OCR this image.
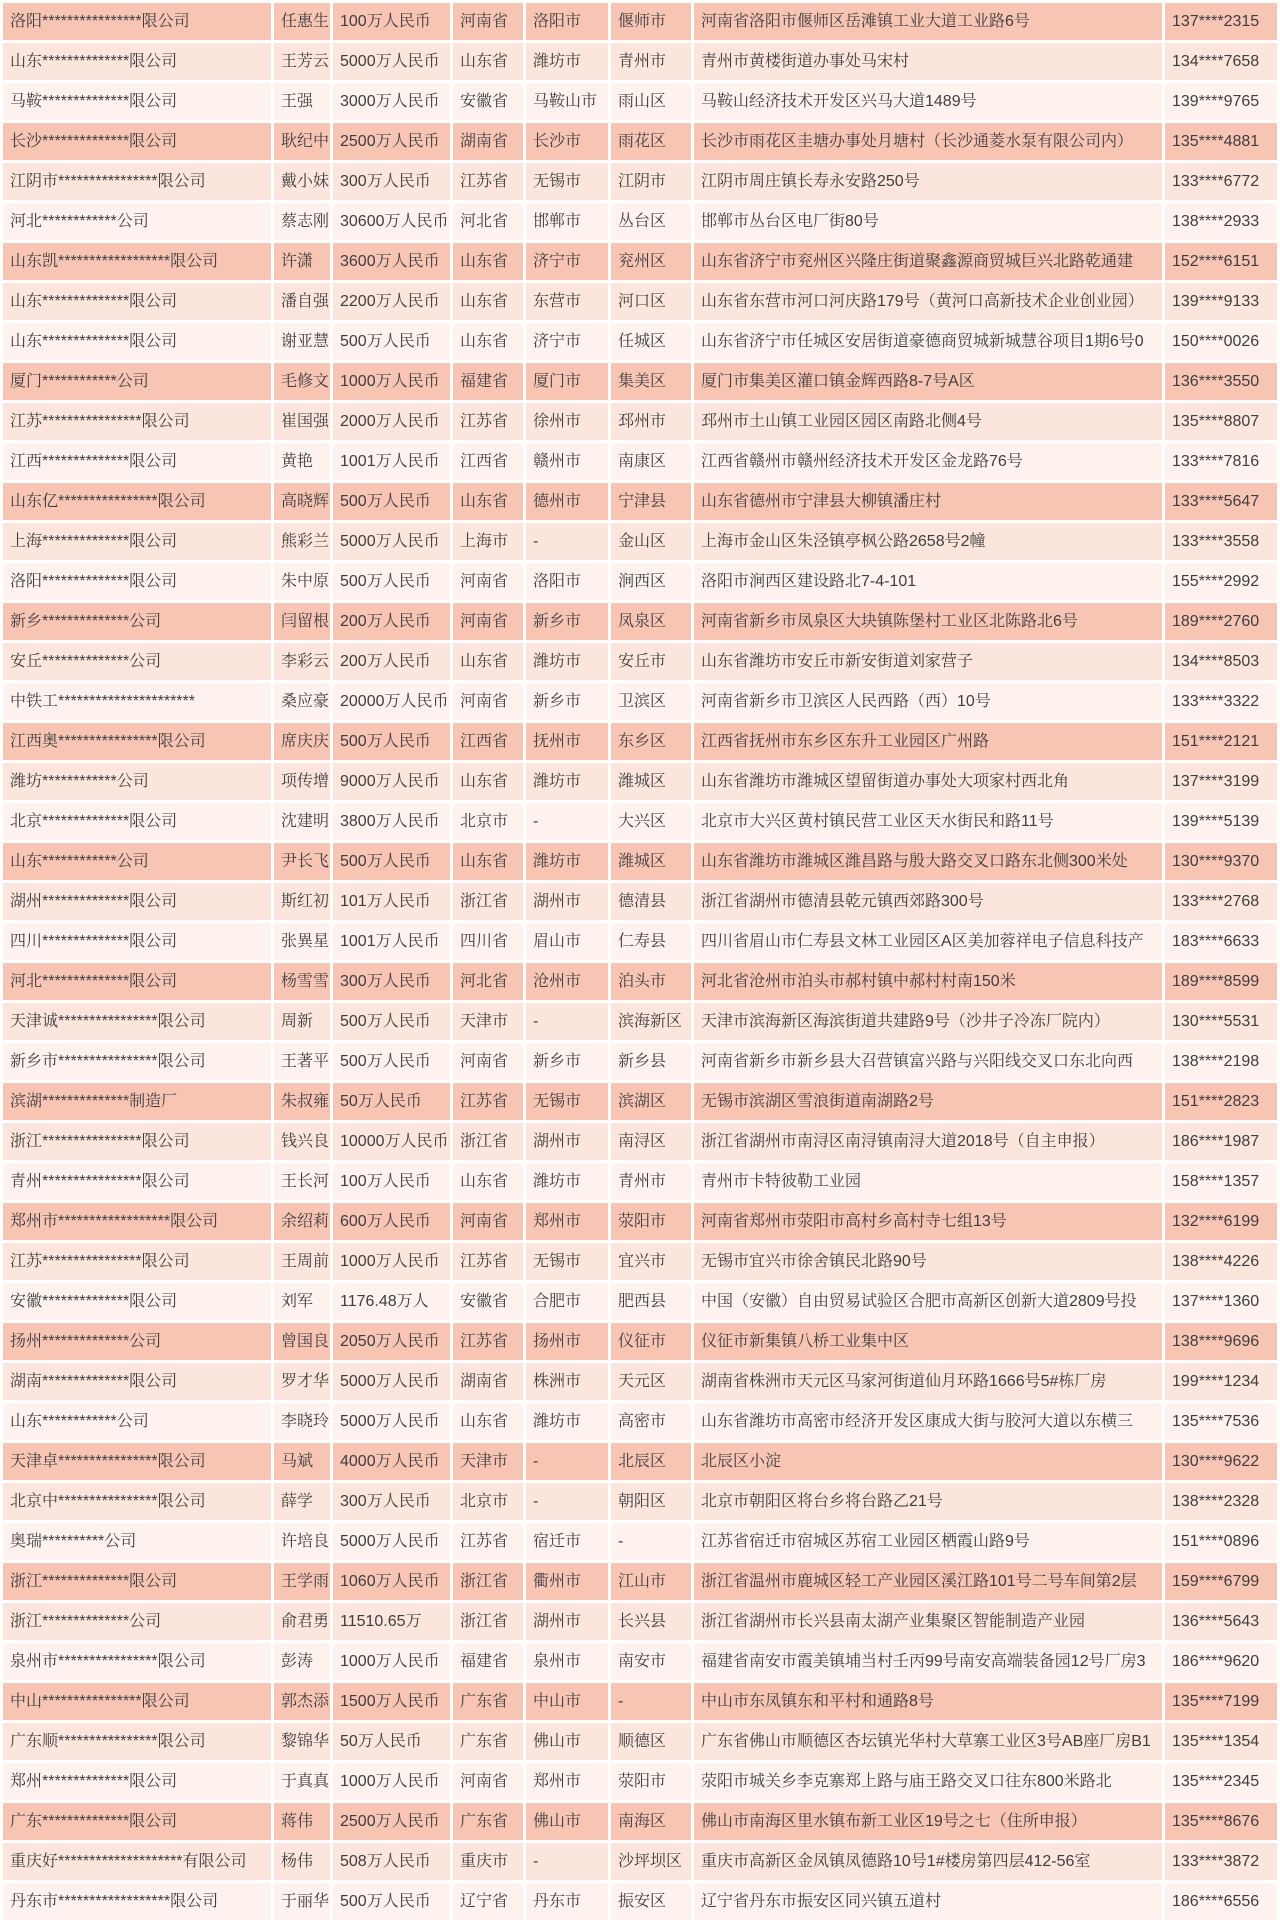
洛阳****************限公司	任惠生	100万人民币	河南省	洛阳市	偃师市	河南省洛阳市偃师区岳滩镇工业大道工业路6号	137****2315
山东**************限公司	王芳云	5000万人民币	山东省	潍坊市	青州市	青州市黄楼街道办事处马宋村	134****7658
马鞍**************限公司	王强	3000万人民币	安徽省	马鞍山市	雨山区	马鞍山经济技术开发区兴马大道1489号	139****9765
长沙**************限公司	耿纪中	2500万人民币	湖南省	长沙市	雨花区	长沙市雨花区圭塘办事处月塘村（长沙通菱水泵有限公司内）	135****4881
江阴市****************限公司	戴小妹	300万人民币	江苏省	无锡市	江阴市	江阴市周庄镇长寿永安路250号	133****6772
河北************公司	蔡志刚	30600万人民币	河北省	邯郸市	丛台区	邯郸市丛台区电厂街80号	138****2933
山东凯******************限公司	许潇	3600万人民币	山东省	济宁市	兖州区	山东省济宁市兖州区兴隆庄街道聚鑫源商贸城巨兴北路乾通建	152****6151
山东**************限公司	潘自强	2200万人民币	山东省	东营市	河口区	山东省东营市河口河庆路179号（黄河口高新技术企业创业园）	139****9133
山东**************限公司	谢亚慧	500万人民币	山东省	济宁市	任城区	山东省济宁市任城区安居街道豪德商贸城新城慧谷项目1期6号0	150****0026
厦门************公司	毛修文	1000万人民币	福建省	厦门市	集美区	厦门市集美区灌口镇金辉西路8-7号A区	136****3550
江苏****************限公司	崔国强	2000万人民币	江苏省	徐州市	邳州市	邳州市土山镇工业园区园区南路北侧4号	135****8807
江西**************限公司	黄艳	1001万人民币	江西省	赣州市	南康区	江西省赣州市赣州经济技术开发区金龙路76号	133****7816
山东亿****************限公司	高晓辉	500万人民币	山东省	德州市	宁津县	山东省德州市宁津县大柳镇潘庄村	133****5647
上海**************限公司	熊彩兰	5000万人民币	上海市	-	金山区	上海市金山区朱泾镇亭枫公路2658号2幢	133****3558
洛阳**************限公司	朱中原	500万人民币	河南省	洛阳市	涧西区	洛阳市涧西区建设路北7-4-101	155****2992
新乡**************公司	闫留根	200万人民币	河南省	新乡市	凤泉区	河南省新乡市凤泉区大块镇陈堡村工业区北陈路北6号	189****2760
安丘**************公司	李彩云	200万人民币	山东省	潍坊市	安丘市	山东省潍坊市安丘市新安街道刘家营子	134****8503
中铁工**********************	桑应豪	20000万人民币	河南省	新乡市	卫滨区	河南省新乡市卫滨区人民西路（西）10号	133****3322
江西奥****************限公司	席庆庆	500万人民币	江西省	抚州市	东乡区	江西省抚州市东乡区东升工业园区广州路	151****2121
潍坊************公司	项传增	9000万人民币	山东省	潍坊市	潍城区	山东省潍坊市潍城区望留街道办事处大项家村西北角	137****3199
北京**************限公司	沈建明	3800万人民币	北京市	-	大兴区	北京市大兴区黄村镇民营工业区天水街民和路11号	139****5139
山东************公司	尹长飞	500万人民币	山东省	潍坊市	潍城区	山东省潍坊市潍城区潍昌路与殷大路交叉口路东北侧300米处	130****9370
湖州**************限公司	斯红初	101万人民币	浙江省	湖州市	德清县	浙江省湖州市德清县乾元镇西郊路300号	133****2768
四川**************限公司	张異星	1001万人民币	四川省	眉山市	仁寿县	四川省眉山市仁寿县文林工业园区A区美加蓉祥电子信息科技产	183****6633
河北**************限公司	杨雪雪	300万人民币	河北省	沧州市	泊头市	河北省沧州市泊头市郝村镇中郝村村南150米	189****8599
天津诚****************限公司	周新	500万人民币	天津市	-	滨海新区	天津市滨海新区海滨街道共建路9号（沙井子冷冻厂院内）	130****5531
新乡市****************限公司	王著平	500万人民币	河南省	新乡市	新乡县	河南省新乡市新乡县大召营镇富兴路与兴阳线交叉口东北向西	138****2198
滨湖**************制造厂	朱叔雍	50万人民币	江苏省	无锡市	滨湖区	无锡市滨湖区雪浪街道南湖路2号	151****2823
浙江****************限公司	钱兴良	10000万人民币	浙江省	湖州市	南浔区	浙江省湖州市南浔区南浔镇南浔大道2018号（自主申报）	186****1987
青州****************限公司	王长河	100万人民币	山东省	潍坊市	青州市	青州市卡特彼勒工业园	158****1357
郑州市******************限公司	余绍莉	600万人民币	河南省	郑州市	荥阳市	河南省郑州市荥阳市高村乡高村寺七组13号	132****6199
江苏****************限公司	王周前	1000万人民币	江苏省	无锡市	宜兴市	无锡市宜兴市徐舍镇民北路90号	138****4226
安徽**************限公司	刘军	1176.48万人	安徽省	合肥市	肥西县	中国（安徽）自由贸易试验区合肥市高新区创新大道2809号投	137****1360
扬州**************公司	曾国良	2050万人民币	江苏省	扬州市	仪征市	仪征市新集镇八桥工业集中区	138****9696
湖南**************限公司	罗才华	5000万人民币	湖南省	株洲市	天元区	湖南省株洲市天元区马家河街道仙月环路1666号5#栋厂房	199****1234
山东************公司	李晓玲	5000万人民币	山东省	潍坊市	高密市	山东省潍坊市高密市经济开发区康成大街与胶河大道以东横三	135****7536
天津卓****************限公司	马斌	4000万人民币	天津市	-	北辰区	北辰区小淀	130****9622
北京中****************限公司	薛学	300万人民币	北京市	-	朝阳区	北京市朝阳区将台乡将台路乙21号	138****2328
奥瑞**********公司	许培良	5000万人民币	江苏省	宿迁市	-	江苏省宿迁市宿城区苏宿工业园区栖霞山路9号	151****0896
浙江**************限公司	王学雨	1060万人民币	浙江省	衢州市	江山市	浙江省温州市鹿城区轻工产业园区溪江路101号二号车间第2层	159****6799
浙江**************公司	俞君勇	11510.65万	浙江省	湖州市	长兴县	浙江省湖州市长兴县南太湖产业集聚区智能制造产业园	136****5643
泉州市****************限公司	彭涛	1000万人民币	福建省	泉州市	南安市	福建省南安市霞美镇埔当村壬丙99号南安高端装备园12号厂房3	186****9620
中山****************限公司	郭杰添	1500万人民币	广东省	中山市	-	中山市东凤镇东和平村和通路8号	135****7199
广东顺****************限公司	黎锦华	50万人民币	广东省	佛山市	顺德区	广东省佛山市顺德区杏坛镇光华村大草寨工业区3号AB座厂房B1	135****1354
郑州**************限公司	于真真	1000万人民币	河南省	郑州市	荥阳市	荥阳市城关乡李克寨郑上路与庙王路交叉口往东800米路北	135****2345
广东**************限公司	蒋伟	2500万人民币	广东省	佛山市	南海区	佛山市南海区里水镇布新工业区19号之七（住所申报）	135****8676
重庆好********************有限公司	杨伟	508万人民币	重庆市	-	沙坪坝区	重庆市高新区金凤镇凤德路10号1#楼房第四层412-56室	133****3872
丹东市******************限公司	于丽华	500万人民币	辽宁省	丹东市	振安区	辽宁省丹东市振安区同兴镇五道村	186****6556
